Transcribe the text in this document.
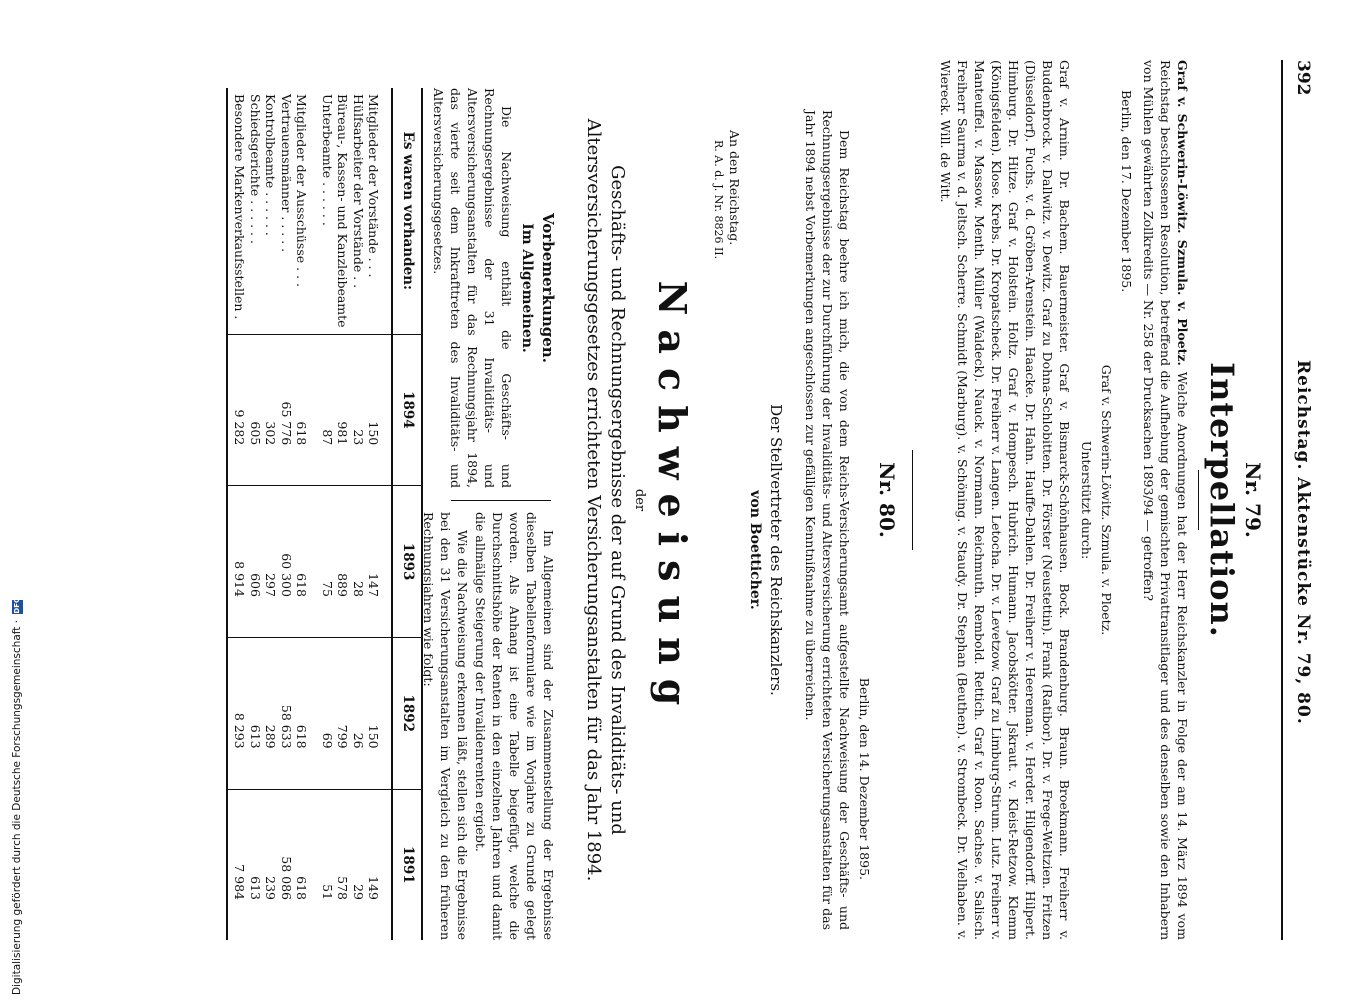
392
Reichstag. Aktenstücke Nr. 79, 80.
Nr. 79.
Interpellation.
Graf v. Schwerin-Löwitz. Szmula. v. Ploetz. Welche Anordnungen hat der Herr Reichskanzler in Folge der am 14. März 1894 vom Reichstag beschlossenen Resolution, betreffend die Aufhebung der gemischten Privattransitlager und des denselben sowie den Inhabern von Mühlen gewährten Zollkredits — Nr. 258 der Drucksachen 1893/94 — getroffen?
Berlin, den 17. Dezember 1895.
Graf v. Schwerin-Löwitz. Szmula. v. Ploetz.
Unterstützt durch:
Graf v. Arnim. Dr. Bachem. Bauermeister. Graf v. Bismarck-Schönhausen. Bock. Brandenburg. Braun. Broekmann. Freiherr v. Buddenbrock. v. Dallwitz. v. Dewitz. Graf zu Dohna-Schlobitten. Dr. Förster (Neustettin). Frank (Ratibor). Dr. v. Frege-Weltzien. Fritzen (Düsseldorf). Fuchs. v. d. Gröben-Arenstein. Haacke. Dr. Hahn. Hauffe-Dahlen. Dr. Freiherr v. Heereman. v. Herder. Hilgendorff. Hilpert. Himburg. Dr. Hitze. Graf v. Holstein. Holtz. Graf v. Hompesch. Hubrich. Humann. Jacobskötter. Jskraut. v. Kleist-Retzow. Klemm (Königsfelden). Klose. Krebs. Dr. Kropatscheck. Dr. Freiherr v. Langen. Letocha. Dr. v. Levetzow. Graf zu Limburg-Stirum. Lutz. Freiherr v. Manteuffel. v. Massow. Menth. Müller (Waldeck). Nauck. v. Normann. Reichmuth. Rembold. Rettich. Graf v. Roon. Sachse. v. Salisch. Freiherr Saurma v. d. Jeltsch. Scherre. Schmidt (Marburg). v. Schöning. v. Staudy. Dr. Stephan (Beuthen). v. Strombeck. Dr. Vielhaben. v. Wiereck. Will. de Witt.
Nr. 80.
Berlin, den 14. Dezember 1895.
Dem Reichstag beehre ich mich, die von dem Reichs-Versicherungsamt aufgestellte Nachweisung der Geschäfts- und Rechnungsergebnisse der zur Durchführung der Invaliditäts- und Altersversicherung errichteten Versicherungsanstalten für das Jahr 1894 nebst Vorbemerkungen angeschlossen zur gefälligen Kenntnißnahme zu überreichen.
Der Stellvertreter des Reichskanzlers.
von Boetticher.
An den Reichstag.
R. A. d. J. Nr. 8826 II.
Nachweisung
der
Geschäfts- und Rechnungsergebnisse der auf Grund des Invaliditäts- und Altersversicherungsgesetzes errichteten Versicherungsanstalten für das Jahr 1894.
Vorbemerkungen.
Im Allgemeinen.
Die Nachweisung enthält die Geschäfts- und Rechnungsergebnisse der 31 Invaliditäts- und Altersversicherungsanstalten für das Rechnungsjahr 1894, das vierte seit dem Inkrafttreten des Invaliditäts- und Altersversicherungsgesetzes.
Im Allgemeinen sind der Zusammenstellung der Ergebnisse dieselben Tabellenformulare wie im Vorjahre zu Grunde gelegt worden. Als Anhang ist eine Tabelle beigefügt, welche die Durchschnittshöhe der Renten in den einzelnen Jahren und damit die allmälige Steigerung der Invalidenrenten ergiebt.
Wie die Nachweisung erkennen läßt, stellen sich die Ergebnisse bei den 31 Versicherungsanstalten im Vergleich zu den früheren Rechnungsjahren wie folgt:
Es waren vorhanden:	1894	1893	1892	1891

Mitglieder der Vorstände . . .	150	147	150	149
Hülfsarbeiter der Vorstände . .	23	28	26	29
Büreau-, Kassen- und Kanzleibeamte	981	889	799	578
Unterbeamte . . . . . .	87	75	69	51

Mitglieder der Ausschüsse . . .	618	618	618	618
Vertrauensmänner . . . . .	65 776	60 300	58 633	58 086
Kontrolbeamte . . . . . .	302	297	289	239
Schiedsgerichte . . . . . .	605	606	613	613
Besondere Markenverkaufsstellen .	9 282	8 914	8 293	7 984
Digitalisierung gefördert durch die Deutsche Forschungsgemeinschaft · DFG
